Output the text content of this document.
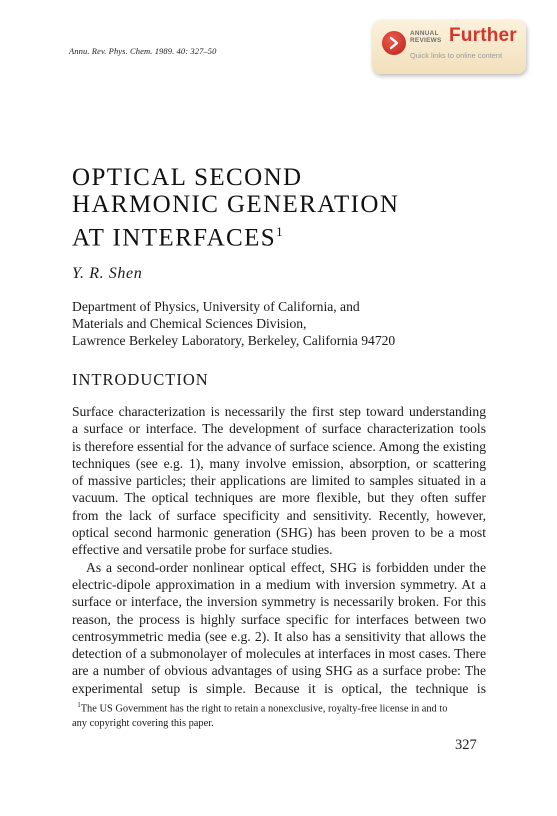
Annu. Rev. Phys. Chem. 1989. 40: 327–50
ANNUAL
REVIEWS Further
Quick links to online content
OPTICAL SECOND
HARMONIC GENERATION
AT INTERFACES$^1$
Y. R. Shen
Department of Physics, University of California, and
Materials and Chemical Sciences Division,
Lawrence Berkeley Laboratory, Berkeley, California 94720
INTRODUCTION
Surface characterization is necessarily the first step toward understanding
a surface or interface. The development of surface characterization tools
is therefore essential for the advance of surface science. Among the existing
techniques (see e.g. 1), many involve emission, absorption, or scattering
of massive particles; their applications are limited to samples situated in a
vacuum. The optical techniques are more flexible, but they often suffer
from the lack of surface specificity and sensitivity. Recently, however,
optical second harmonic generation (SHG) has been proven to be a most
effective and versatile probe for surface studies.
As a second-order nonlinear optical effect, SHG is forbidden under the
electric-dipole approximation in a medium with inversion symmetry. At a
surface or interface, the inversion symmetry is necessarily broken. For this
reason, the process is highly surface specific for interfaces between two
centrosymmetric media (see e.g. 2). It also has a sensitivity that allows the
detection of a submonolayer of molecules at interfaces in most cases. There
are a number of obvious advantages of using SHG as a surface probe: The
experimental setup is simple. Because it is optical, the technique is
$^1$The US Government has the right to retain a nonexclusive, royalty-free license in and to
any copyright covering this paper.
327
